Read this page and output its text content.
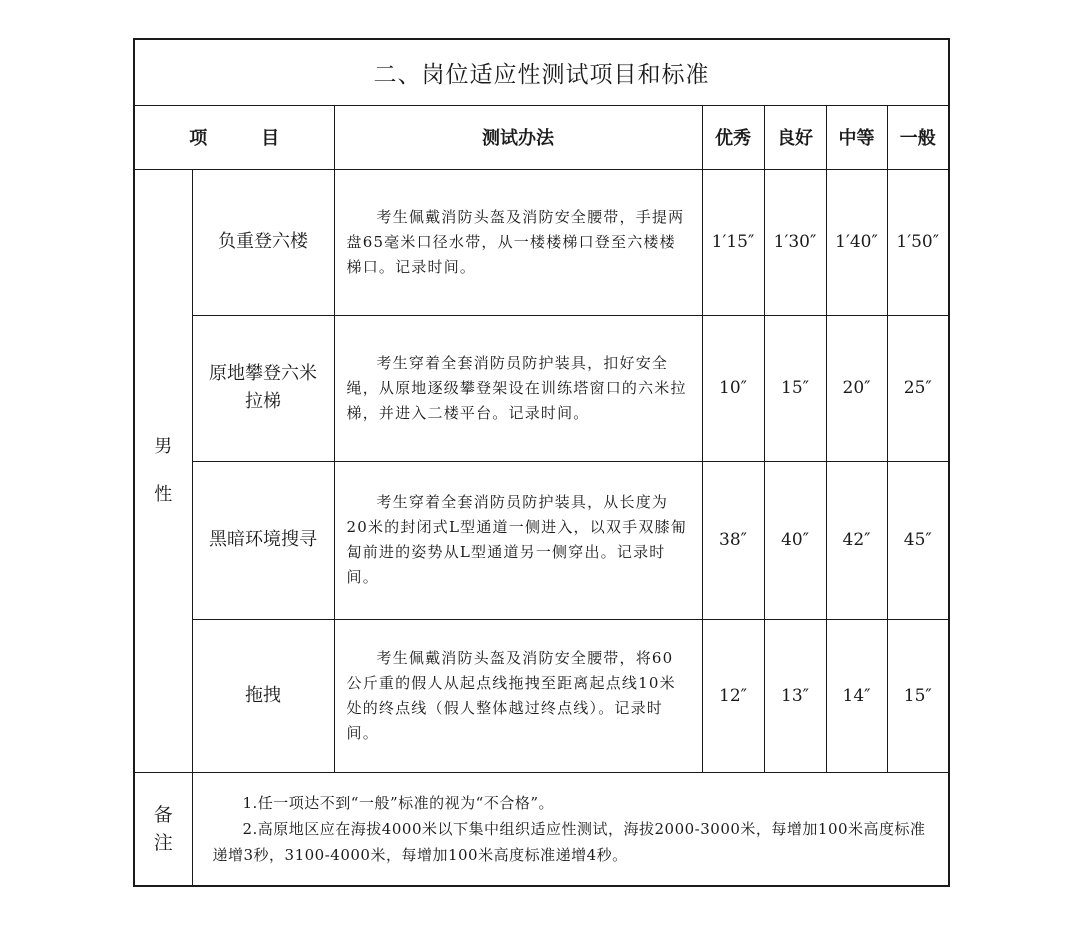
二、岗位适应性测试项目和标准						
项　目		测试办法	优秀	良好	中等	一般

男
性	负重登六楼	考生佩戴消防头盔及消防安全腰带，手提两盘65毫米口径水带，从一楼楼梯口登至六楼楼梯口。记录时间。	1′15″	1′30″	1′40″	1′50″
	原地攀登六米拉梯	考生穿着全套消防员防护装具，扣好安全绳，从原地逐级攀登架设在训练塔窗口的六米拉梯，并进入二楼平台。记录时间。	10″	15″	20″	25″
	黑暗环境搜寻	考生穿着全套消防员防护装具，从长度为20米的封闭式L型通道一侧进入，以双手双膝匍匐前进的姿势从L型通道另一侧穿出。记录时间。	38″	40″	42″	45″
	拖拽	考生佩戴消防头盔及消防安全腰带，将60公斤重的假人从起点线拖拽至距离起点线10米处的终点线（假人整体越过终点线）。记录时间。	12″	13″	14″	15″

备
注	1.任一项达不到“一般”标准的视为“不合格”。
2.高原地区应在海拔4000米以下集中组织适应性测试，海拔2000-3000米，每增加100米高度标准递增3秒，3100-4000米，每增加100米高度标准递增4秒。					
